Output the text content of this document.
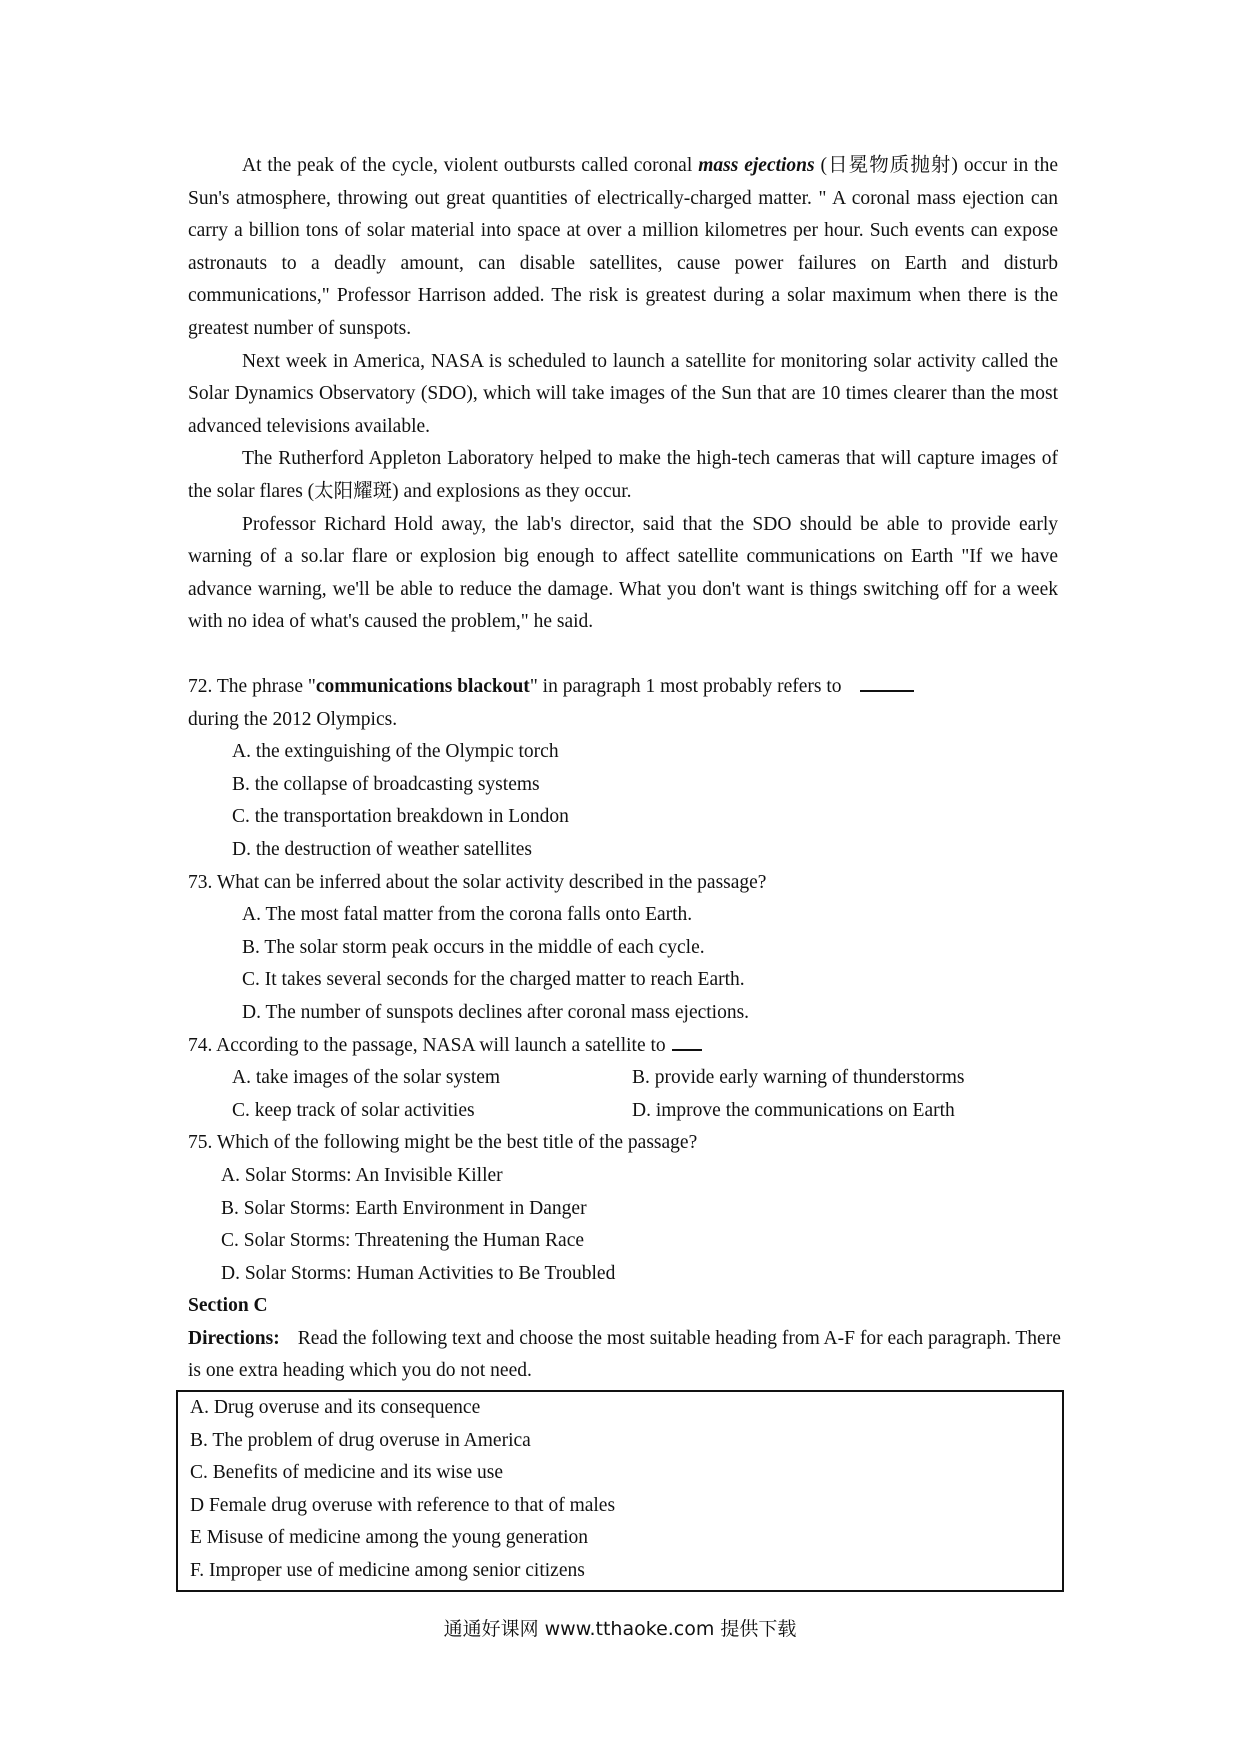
At the peak of the cycle, violent outbursts called coronal mass ejections (日冕物质抛射) occur in the Sun's atmosphere, throwing out great quantities of electrically-charged matter. " A coronal mass ejection can carry a billion tons of solar material into space at over a million kilometres per hour. Such events can expose astronauts to a deadly amount, can disable satellites, cause power failures on Earth and disturb communications," Professor Harrison added. The risk is greatest during a solar maximum when there is the greatest number of sunspots.

Next week in America, NASA is scheduled to launch a satellite for monitoring solar activity called the Solar Dynamics Observatory (SDO), which will take images of the Sun that are 10 times clearer than the most advanced televisions available.

The Rutherford Appleton Laboratory helped to make the high-tech cameras that will capture images of the solar flares (太阳耀斑) and explosions as they occur.

Professor Richard Hold away, the lab's director, said that the SDO should be able to provide early warning of a so.lar flare or explosion big enough to affect satellite communications on Earth "If we have advance warning, we'll be able to reduce the damage. What you don't want is things switching off for a week with no idea of what's caused the problem," he said.

72. The phrase "communications blackout" in paragraph 1 most probably refers to

during the 2012 Olympics.

A. the extinguishing of the Olympic torch

B. the collapse of broadcasting systems

C. the transportation breakdown in London

D. the destruction of weather satellites

73. What can be inferred about the solar activity described in the passage?

A. The most fatal matter from the corona falls onto Earth.

B. The solar storm peak occurs in the middle of each cycle.

C. It takes several seconds for the charged matter to reach Earth.

D. The number of sunspots declines after coronal mass ejections.

74. According to the passage, NASA will launch a satellite to

A. take images of the solar system	B. provide early warning of thunderstorms
C. keep track of solar activities	D. improve the communications on Earth

75. Which of the following might be the best title of the passage?

A. Solar Storms: An Invisible Killer

B. Solar Storms: Earth Environment in Danger

C. Solar Storms: Threatening the Human Race

D. Solar Storms: Human Activities to Be Troubled

Section C

Directions: Read the following text and choose the most suitable heading from A-F for each paragraph. There is one extra heading which you do not need.

A. Drug overuse and its consequence

B. The problem of drug overuse in America

C. Benefits of medicine and its wise use

D Female drug overuse with reference to that of males

E Misuse of medicine among the young generation

F. Improper use of medicine among senior citizens

通通好课网 www.tthaoke.com 提供下载
